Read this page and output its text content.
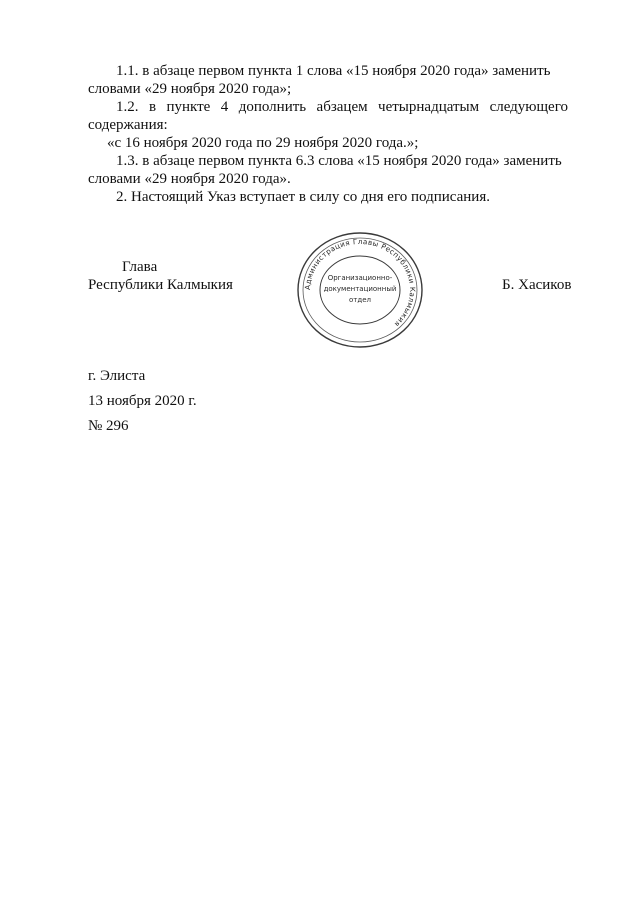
1.1. в абзаце первом пункта 1 слова «15 ноября 2020 года» заменить
словами «29 ноября 2020 года»;
1.2. в пункте 4 дополнить абзацем четырнадцатым следующего
содержания:
«с 16 ноября 2020 года по 29 ноября 2020 года.»;
1.3. в абзаце первом пункта 6.3 слова «15 ноября 2020 года» заменить
словами «29 ноября 2020 года».
2. Настоящий Указ вступает в силу со дня его подписания.
Глава
Республики Калмыкия	Б. Хасиков
Администрация Главы Республики Калмыкия
Организационно-
документационный
отдел
г. Элиста
13 ноября 2020 г.
№ 296
